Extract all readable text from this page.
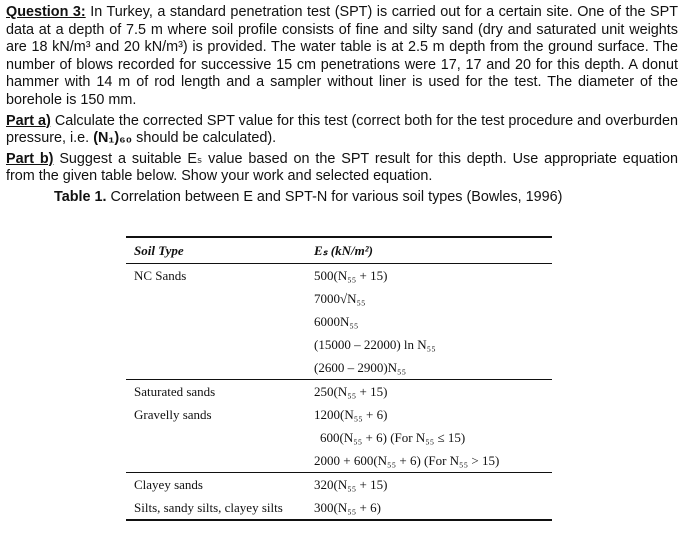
Question 3: In Turkey, a standard penetration test (SPT) is carried out for a certain site. One of the SPT data at a depth of 7.5 m where soil profile consists of fine and silty sand (dry and saturated unit weights are 18 kN/m³ and 20 kN/m³) is provided. The water table is at 2.5 m depth from the ground surface. The number of blows recorded for successive 15 cm penetrations were 17, 17 and 20 for this depth. A donut hammer with 14 m of rod length and a sampler without liner is used for the test. The diameter of the borehole is 150 mm.

Part a) Calculate the corrected SPT value for this test (correct both for the test procedure and overburden pressure, i.e. (N₁)₆₀ should be calculated).

Part b) Suggest a suitable Eₛ value based on the SPT result for this depth. Use appropriate equation from the given table below. Show your work and selected equation.

Table 1. Correlation between E and SPT-N for various soil types (Bowles, 1996)

Soil Type	Eₛ (kN/m²)
NC Sands	500(N₅₅ + 15)
7000√N₅₅
6000N₅₅
(15000 – 22000) ln N₅₅
(2600 – 2900)N₅₅

Saturated sands	250(N₅₅ + 15)

Gravelly sands	1200(N₅₅ + 6)
600(N₅₅ + 6) (For N₅₅ ≤ 15)
2000 + 600(N₅₅ + 6) (For N₅₅ > 15)

Clayey sands	320(N₅₅ + 15)

Silts, sandy silts, clayey silts	300(N₅₅ + 6)
